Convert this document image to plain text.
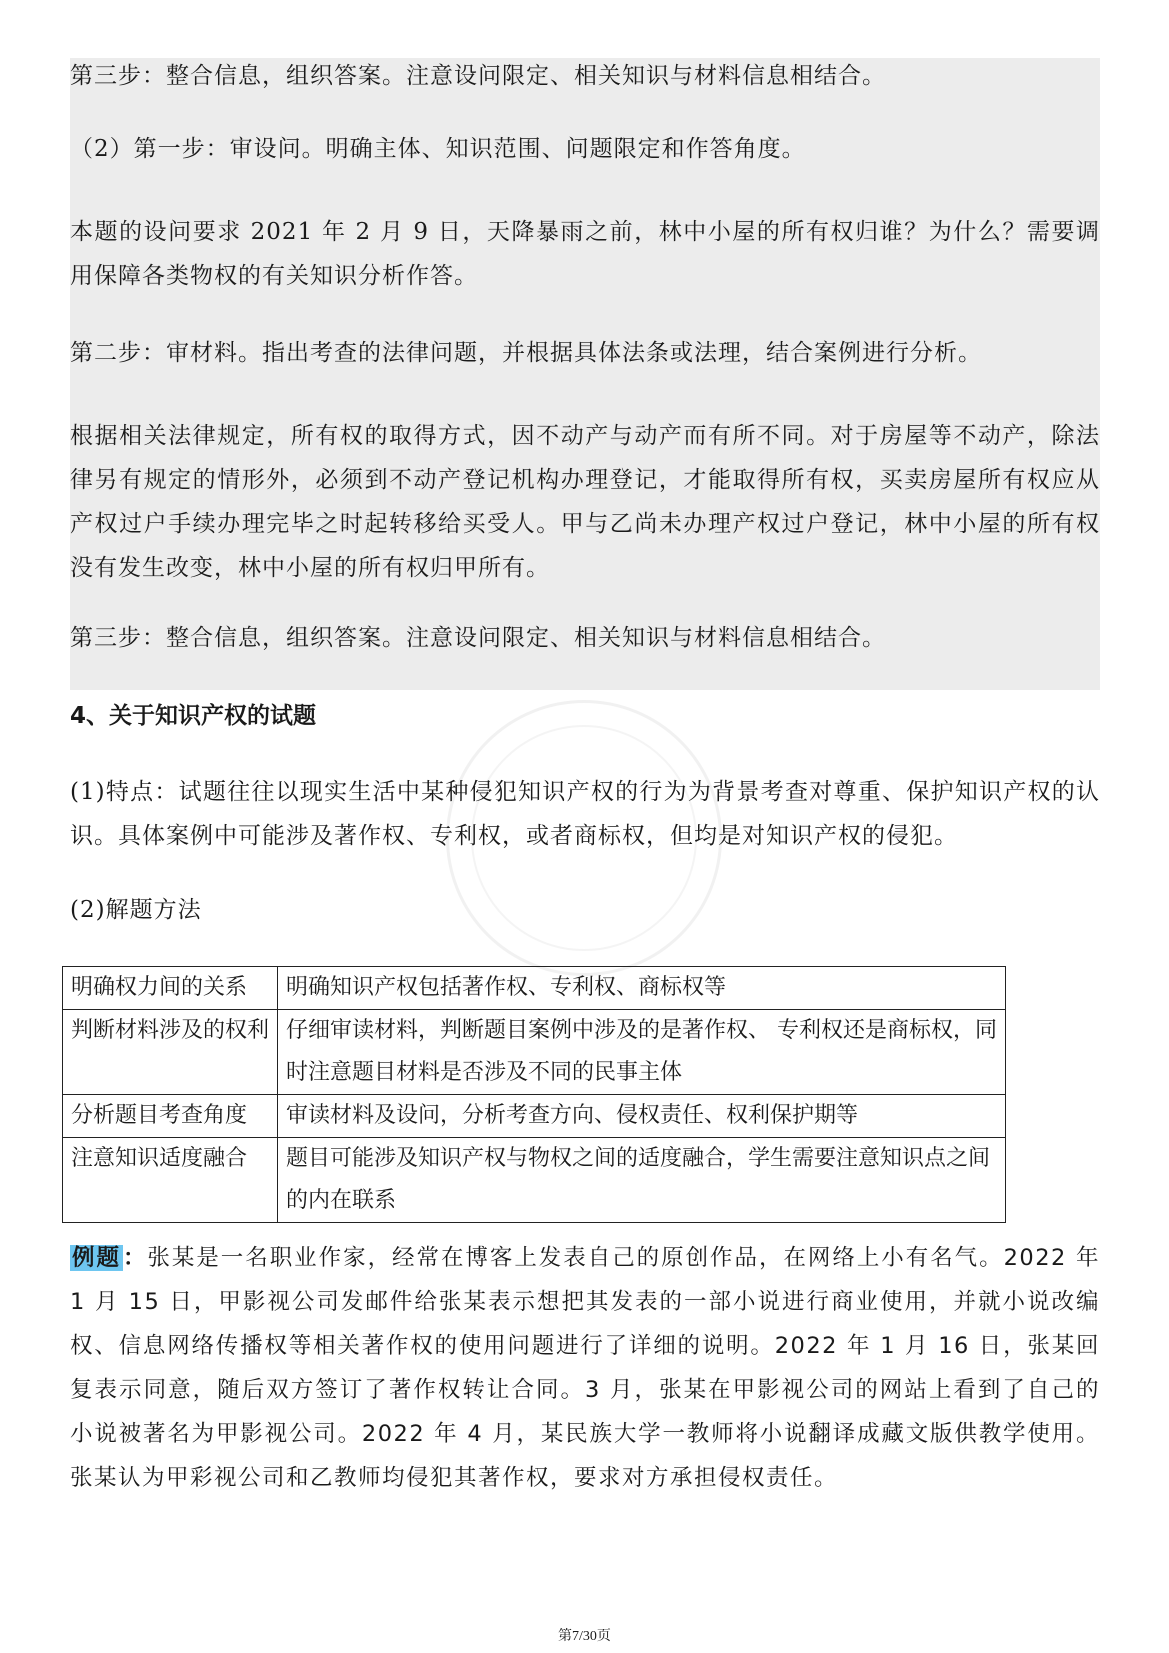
第三步：整合信息，组织答案。注意设问限定、相关知识与材料信息相结合。
（2）第一步：审设问。明确主体、知识范围、问题限定和作答角度。
本题的设问要求 2021 年 2 月 9 日，天降暴雨之前，林中小屋的所有权归谁？为什么？需要调用保障各类物权的有关知识分析作答。
第二步：审材料。指出考查的法律问题，并根据具体法条或法理，结合案例进行分析。
根据相关法律规定，所有权的取得方式，因不动产与动产而有所不同。对于房屋等不动产，除法律另有规定的情形外，必须到不动产登记机构办理登记，才能取得所有权，买卖房屋所有权应从产权过户手续办理完毕之时起转移给买受人。甲与乙尚未办理产权过户登记，林中小屋的所有权没有发生改变，林中小屋的所有权归甲所有。
第三步：整合信息，组织答案。注意设问限定、相关知识与材料信息相结合。
4、关于知识产权的试题
(1)特点：试题往往以现实生活中某种侵犯知识产权的行为为背景考查对尊重、保护知识产权的认识。具体案例中可能涉及著作权、专利权，或者商标权，但均是对知识产权的侵犯。
(2)解题方法
明确权力间的关系	明确知识产权包括著作权、专利权、商标权等
判断材料涉及的权利	仔细审读材料，判断题目案例中涉及的是著作权、 专利权还是商标权，同时注意题目材料是否涉及不同的民事主体
分析题目考查角度	审读材料及设问，分析考查方向、侵权责任、权利保护期等
注意知识适度融合	题目可能涉及知识产权与物权之间的适度融合，学生需要注意知识点之间的内在联系
例题：张某是一名职业作家，经常在博客上发表自己的原创作品，在网络上小有名气。2022 年 1 月 15 日，甲影视公司发邮件给张某表示想把其发表的一部小说进行商业使用，并就小说改编权、信息网络传播权等相关著作权的使用问题进行了详细的说明。2022 年 1 月 16 日，张某回复表示同意，随后双方签订了著作权转让合同。3 月，张某在甲影视公司的网站上看到了自己的小说被著名为甲影视公司。2022 年 4 月，某民族大学一教师将小说翻译成藏文版供教学使用。张某认为甲彩视公司和乙教师均侵犯其著作权，要求对方承担侵权责任。
第7/30页
